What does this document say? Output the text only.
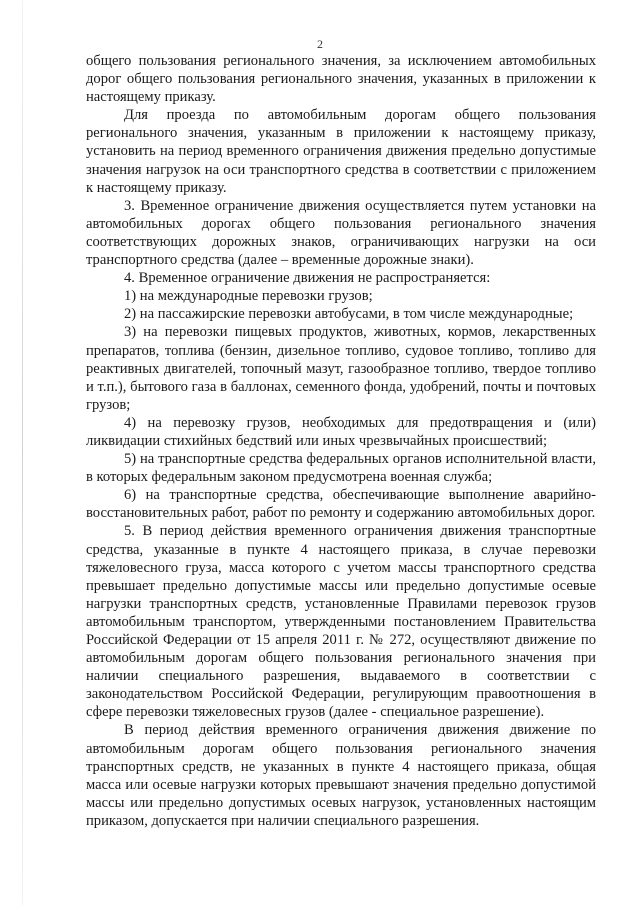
2

общего пользования регионального значения, за исключением автомобильных дорог общего пользования регионального значения, указанных в приложении к настоящему приказу.

Для проезда по автомобильным дорогам общего пользования регионального значения, указанным в приложении к настоящему приказу, установить на период временного ограничения движения предельно допустимые значения нагрузок на оси транспортного средства в соответствии с приложением к настоящему приказу.

3. Временное ограничение движения осуществляется путем установки на автомобильных дорогах общего пользования регионального значения соответствующих дорожных знаков, ограничивающих нагрузки на оси транспортного средства (далее – временные дорожные знаки).

4. Временное ограничение движения не распространяется:

1) на международные перевозки грузов;

2) на пассажирские перевозки автобусами, в том числе международные;

3) на перевозки пищевых продуктов, животных, кормов, лекарственных препаратов, топлива (бензин, дизельное топливо, судовое топливо, топливо для реактивных двигателей, топочный мазут, газообразное топливо, твердое топливо и т.п.), бытового газа в баллонах, семенного фонда, удобрений, почты и почтовых грузов;

4) на перевозку грузов, необходимых для предотвращения и (или) ликвидации стихийных бедствий или иных чрезвычайных происшествий;

5) на транспортные средства федеральных органов исполнительной власти, в которых федеральным законом предусмотрена военная служба;

6) на транспортные средства, обеспечивающие выполнение аварийно-восстановительных работ, работ по ремонту и содержанию автомобильных дорог.

5. В период действия временного ограничения движения транспортные средства, указанные в пункте 4 настоящего приказа, в случае перевозки тяжеловесного груза, масса которого с учетом массы транспортного средства превышает предельно допустимые массы или предельно допустимые осевые нагрузки транспортных средств, установленные Правилами перевозок грузов автомобильным транспортом, утвержденными постановлением Правительства Российской Федерации от 15 апреля 2011 г. № 272, осуществляют движение по автомобильным дорогам общего пользования регионального значения при наличии специального разрешения, выдаваемого в соответствии с законодательством Российской Федерации, регулирующим правоотношения в сфере перевозки тяжеловесных грузов (далее - специальное разрешение).

В период действия временного ограничения движения движение по автомобильным дорогам общего пользования регионального значения транспортных средств, не указанных в пункте 4 настоящего приказа, общая масса или осевые нагрузки которых превышают значения предельно допустимой массы или предельно допустимых осевых нагрузок, установленных настоящим приказом, допускается при наличии специального разрешения.
